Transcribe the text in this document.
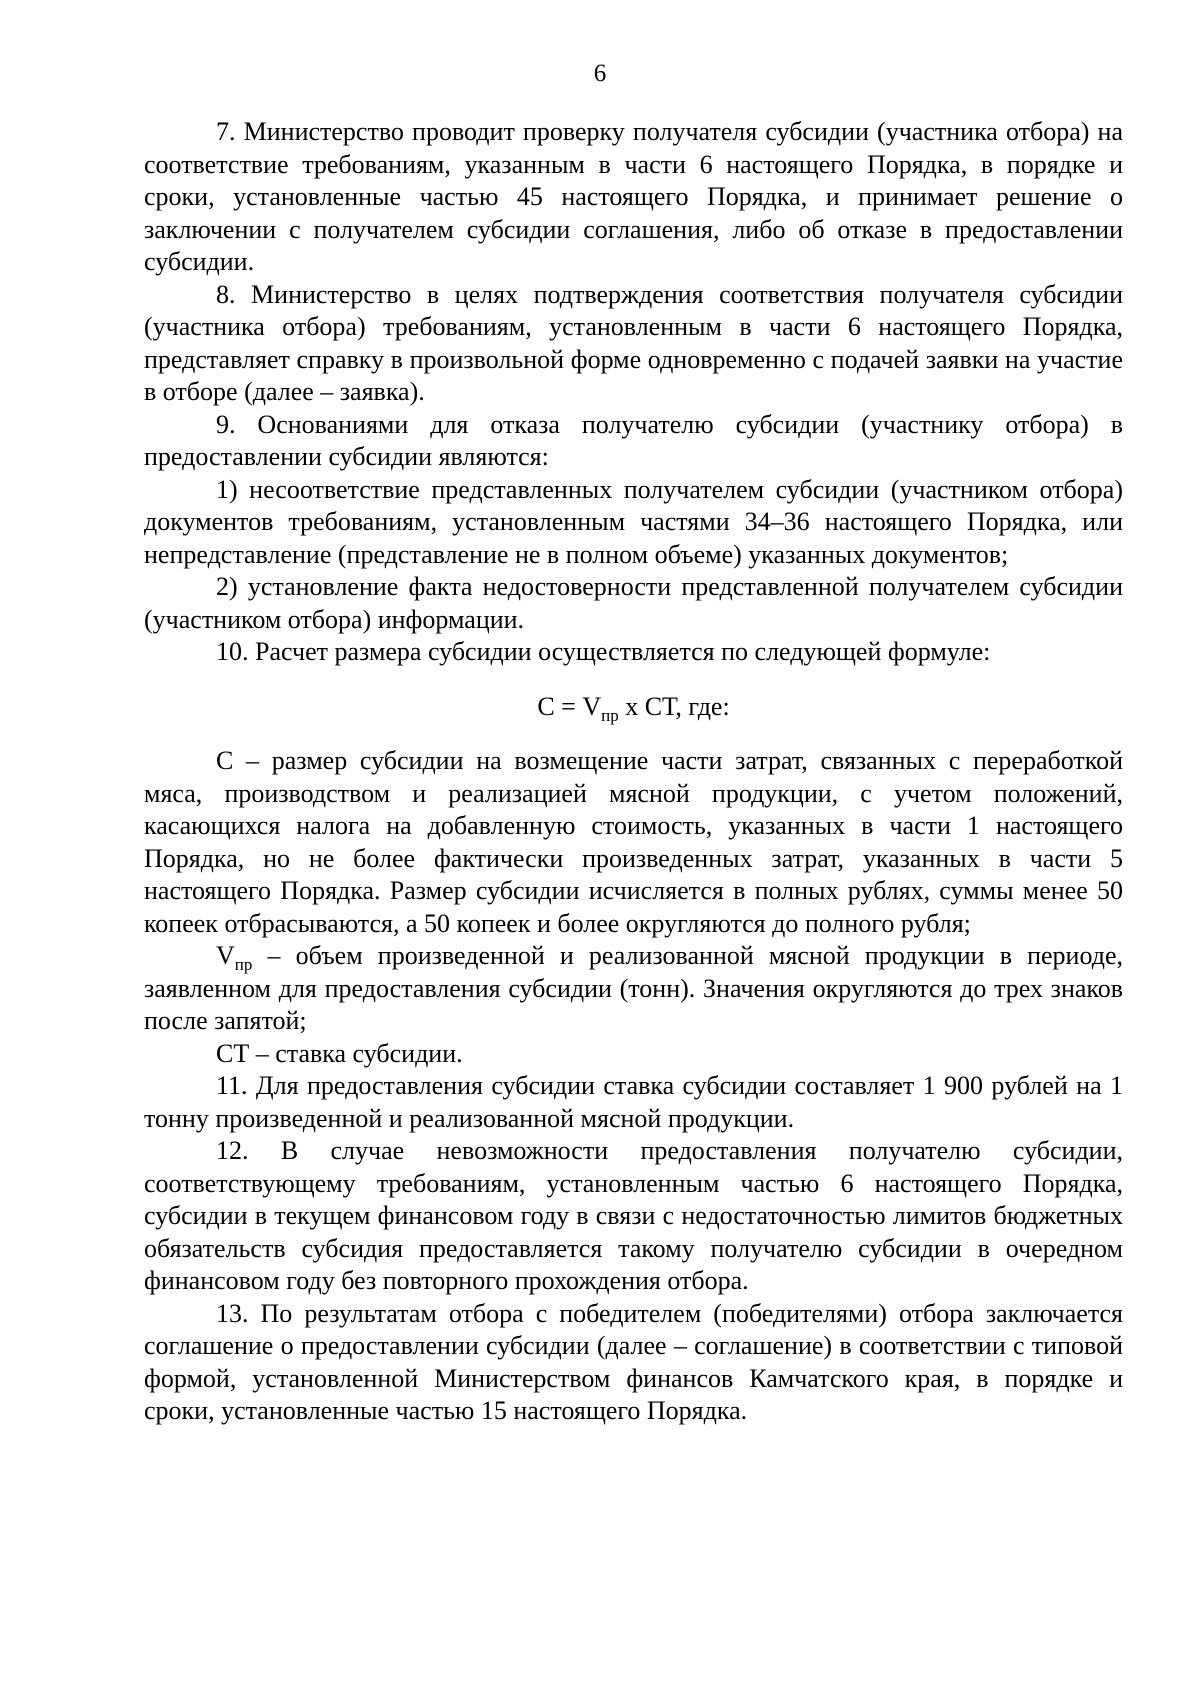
6

7. Министерство проводит проверку получателя субсидии (участника отбора) на соответствие требованиям, указанным в части 6 настоящего Порядка, в порядке и сроки, установленные частью 45 настоящего Порядка, и принимает решение о заключении с получателем субсидии соглашения, либо об отказе в предоставлении субсидии.

8. Министерство в целях подтверждения соответствия получателя субсидии (участника отбора) требованиям, установленным в части 6 настоящего Порядка, представляет справку в произвольной форме одновременно с подачей заявки на участие в отборе (далее – заявка).

9. Основаниями для отказа получателю субсидии (участнику отбора) в предоставлении субсидии являются:

1) несоответствие представленных получателем субсидии (участником отбора) документов требованиям, установленным частями 34–36 настоящего Порядка, или непредставление (представление не в полном объеме) указанных документов;

2) установление факта недостоверности представленной получателем субсидии (участником отбора) информации.

10. Расчет размера субсидии осуществляется по следующей формуле:

$С = V_{пр}$ x СТ, где:

С – размер субсидии на возмещение части затрат, связанных с переработкой мяса, производством и реализацией мясной продукции, с учетом положений, касающихся налога на добавленную стоимость, указанных в части 1 настоящего Порядка, но не более фактически произведенных затрат, указанных в части 5 настоящего Порядка. Размер субсидии исчисляется в полных рублях, суммы менее 50 копеек отбрасываются, а 50 копеек и более округляются до полного рубля;

$V_{пр}$ – объем произведенной и реализованной мясной продукции в периоде, заявленном для предоставления субсидии (тонн). Значения округляются до трех знаков после запятой;

СТ – ставка субсидии.

11. Для предоставления субсидии ставка субсидии составляет 1 900 рублей на 1 тонну произведенной и реализованной мясной продукции.

12. В случае невозможности предоставления получателю субсидии, соответствующему требованиям, установленным частью 6 настоящего Порядка, субсидии в текущем финансовом году в связи с недостаточностью лимитов бюджетных обязательств субсидия предоставляется такому получателю субсидии в очередном финансовом году без повторного прохождения отбора.

13. По результатам отбора с победителем (победителями) отбора заключается соглашение о предоставлении субсидии (далее – соглашение) в соответствии с типовой формой, установленной Министерством финансов Камчатского края, в порядке и сроки, установленные частью 15 настоящего Порядка.
